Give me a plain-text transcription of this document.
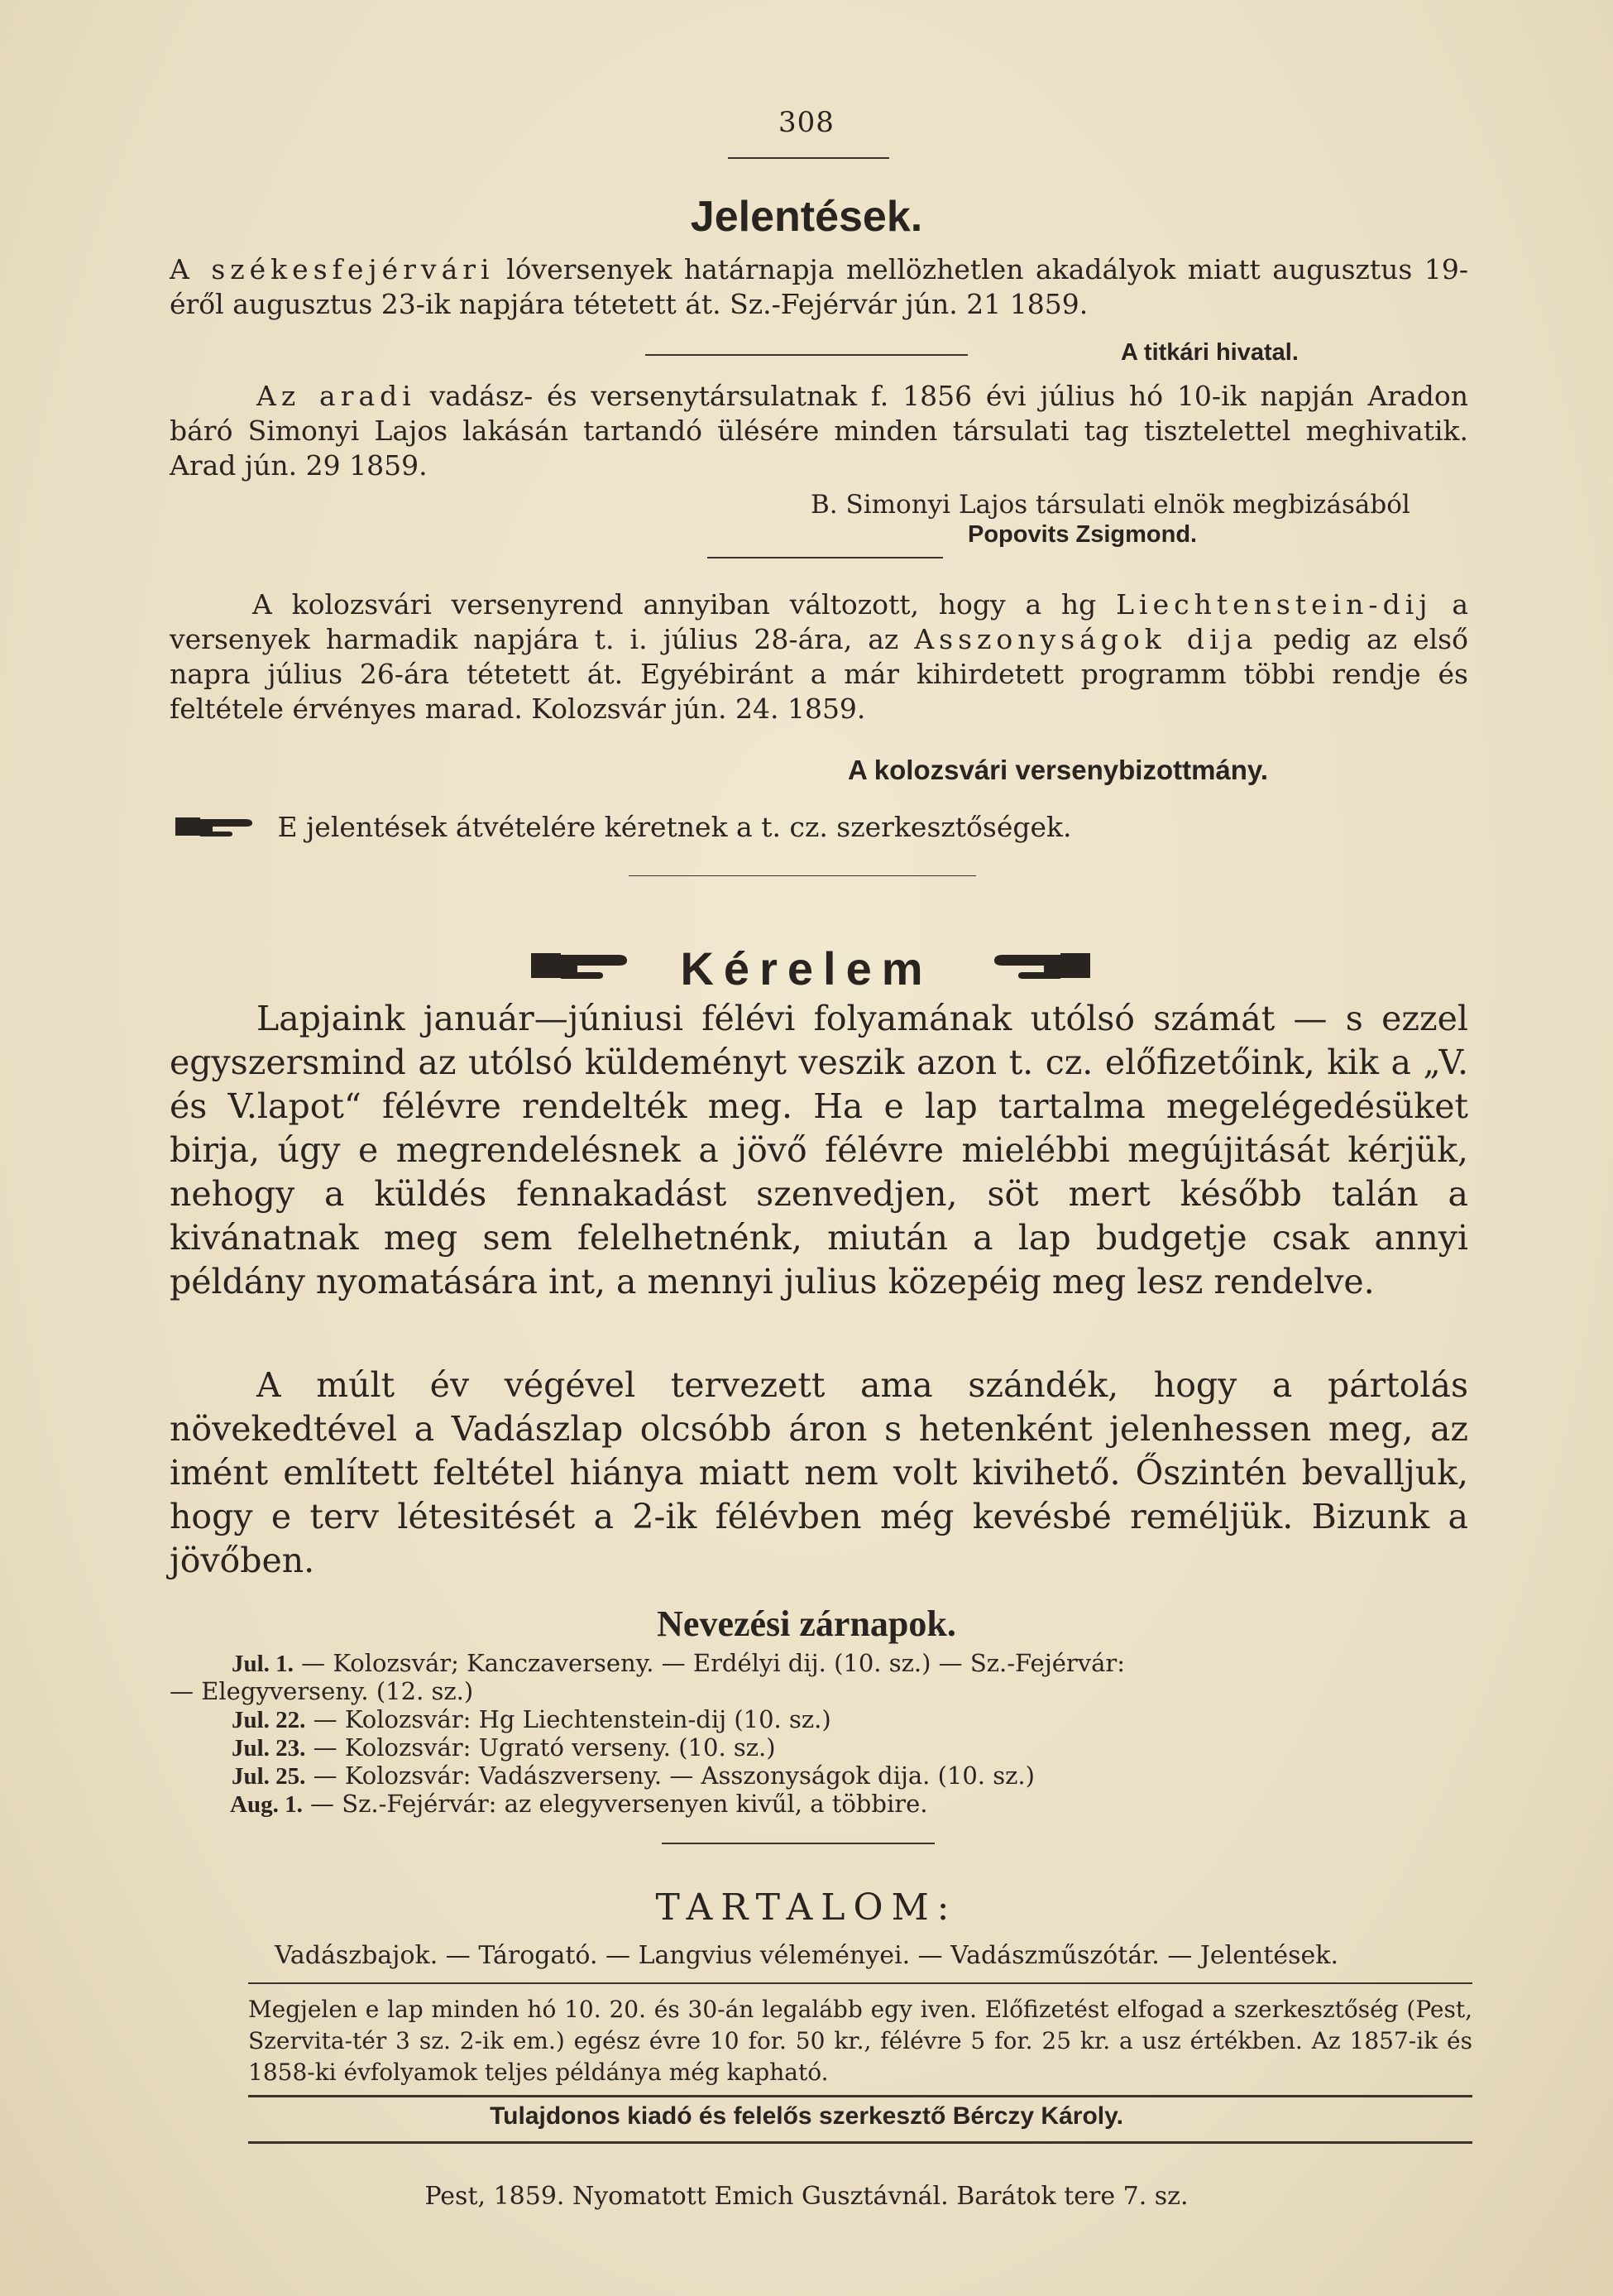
308
Jelentések.

A székesfejérvári lóversenyek határnapja mellözhetlen akadályok miatt augusztus 19-éről augusztus 23-ik napjára tétetett át. Sz.-Fejérvár jún. 21 1859.

A titkári hivatal.

Az aradi vadász- és versenytársulatnak f. 1856 évi július hó 10-ik napján Aradon báró Simonyi Lajos lakásán tartandó ülésére minden társulati tag tisztelettel meghivatik. Arad jún. 29 1859.

B. Simonyi Lajos társulati elnök megbizásából
Popovits Zsigmond.

A kolozsvári versenyrend annyiban változott, hogy a hg Liechtenstein-dij a versenyek harmadik napjára t. i. július 28-ára, az Asszonyságok dija pedig az első napra július 26-ára tétetett át. Egyébiránt a már kihirdetett programm többi rendje és feltétele érvényes marad. Kolozsvár jún. 24. 1859.

A kolozsvári versenybizottmány.
E jelentések átvételére kéretnek a t. cz. szerkesztőségek.
Kérelem

Lapjaink január—júniusi félévi folyamának utólsó számát — s ezzel egyszersmind az utólsó küldeményt veszik azon t. cz. előfizetőink, kik a „V. és V.lapot“ félévre rendelték meg. Ha e lap tartalma megelégedésüket birja, úgy e megrendelésnek a jövő félévre mielébbi megújitását kérjük, nehogy a küldés fennakadást szenvedjen, söt mert később talán a kivánatnak meg sem felelhetnénk, miután a lap budgetje csak annyi példány nyomatására int, a mennyi julius közepéig meg lesz rendelve.

A múlt év végével tervezett ama szándék, hogy a pártolás növekedtével a Vadászlap olcsóbb áron s hetenként jelenhessen meg, az imént említett feltétel hiánya miatt nem volt kivihető. Őszintén bevalljuk, hogy e terv létesitését a 2-ik félévben még kevésbé reméljük. Bizunk a jövőben.

Nevezési zárnapok.
Jul. 1. — Kolozsvár; Kanczaverseny. — Erdélyi dij. (10. sz.) — Sz.-Fejérvár:
— Elegyverseny. (12. sz.)
Jul. 22. — Kolozsvár: Hg Liechtenstein-dij (10. sz.)
Jul. 23. — Kolozsvár: Ugrató verseny. (10. sz.)
Jul. 25. — Kolozsvár: Vadászverseny. — Asszonyságok dija. (10. sz.)
Aug. 1. — Sz.-Fejérvár: az elegyversenyen kivűl, a többire.
TARTALOM:
Vadászbajok. — Tárogató. — Langvius véleményei. — Vadászműszótár. — Jelentések.

Megjelen e lap minden hó 10. 20. és 30-án legalább egy iven. Előfizetést elfogad a szerkesztőség (Pest, Szervita-tér 3 sz. 2-ik em.) egész évre 10 for. 50 kr., félévre 5 for. 25 kr. a usz értékben. Az 1857-ik és 1858-ki évfolyamok teljes példánya még kapható.

Tulajdonos kiadó és felelős szerkesztő Bérczy Károly.
Pest, 1859. Nyomatott Emich Gusztávnál. Barátok tere 7. sz.
